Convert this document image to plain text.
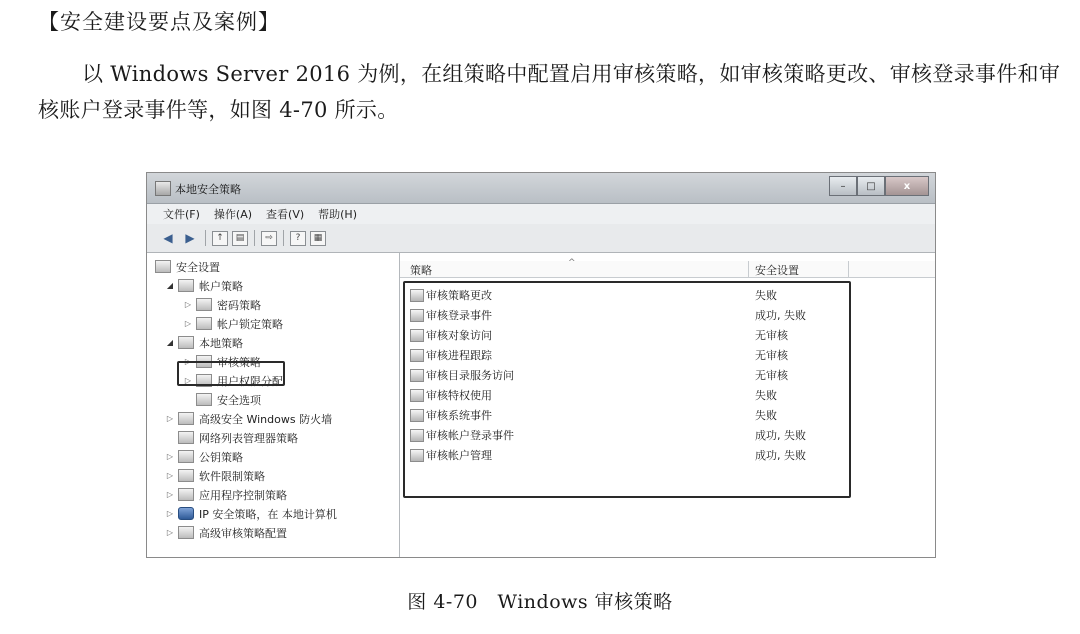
【安全建设要点及案例】
以 Windows Server 2016 为例，在组策略中配置启用审核策略，如审核策略更改、审核登录事件和审核账户登录事件等，如图 4-70 所示。
本地安全策略	–	□	x
文件(F) 操作(A) 查看(V) 帮助(H)
◀	▶	↑	▤	⇨	?	▦
安全设置
◢ 帐户策略
▷ 密码策略
▷ 帐户锁定策略
◢ 本地策略
▷ 审核策略
▷ 用户权限分配
安全选项
▷ 高级安全 Windows 防火墙
网络列表管理器策略
▷ 公钥策略
▷ 软件限制策略
▷ 应用程序控制策略
▷ IP 安全策略，在 本地计算机
▷ 高级审核策略配置
策略
^
安全设置
审核策略更改	失败
审核登录事件	成功, 失败
审核对象访问	无审核
审核进程跟踪	无审核
审核目录服务访问	无审核
审核特权使用	失败
审核系统事件	失败
审核帐户登录事件	成功, 失败
审核帐户管理	成功, 失败
图 4-70　Windows 审核策略
